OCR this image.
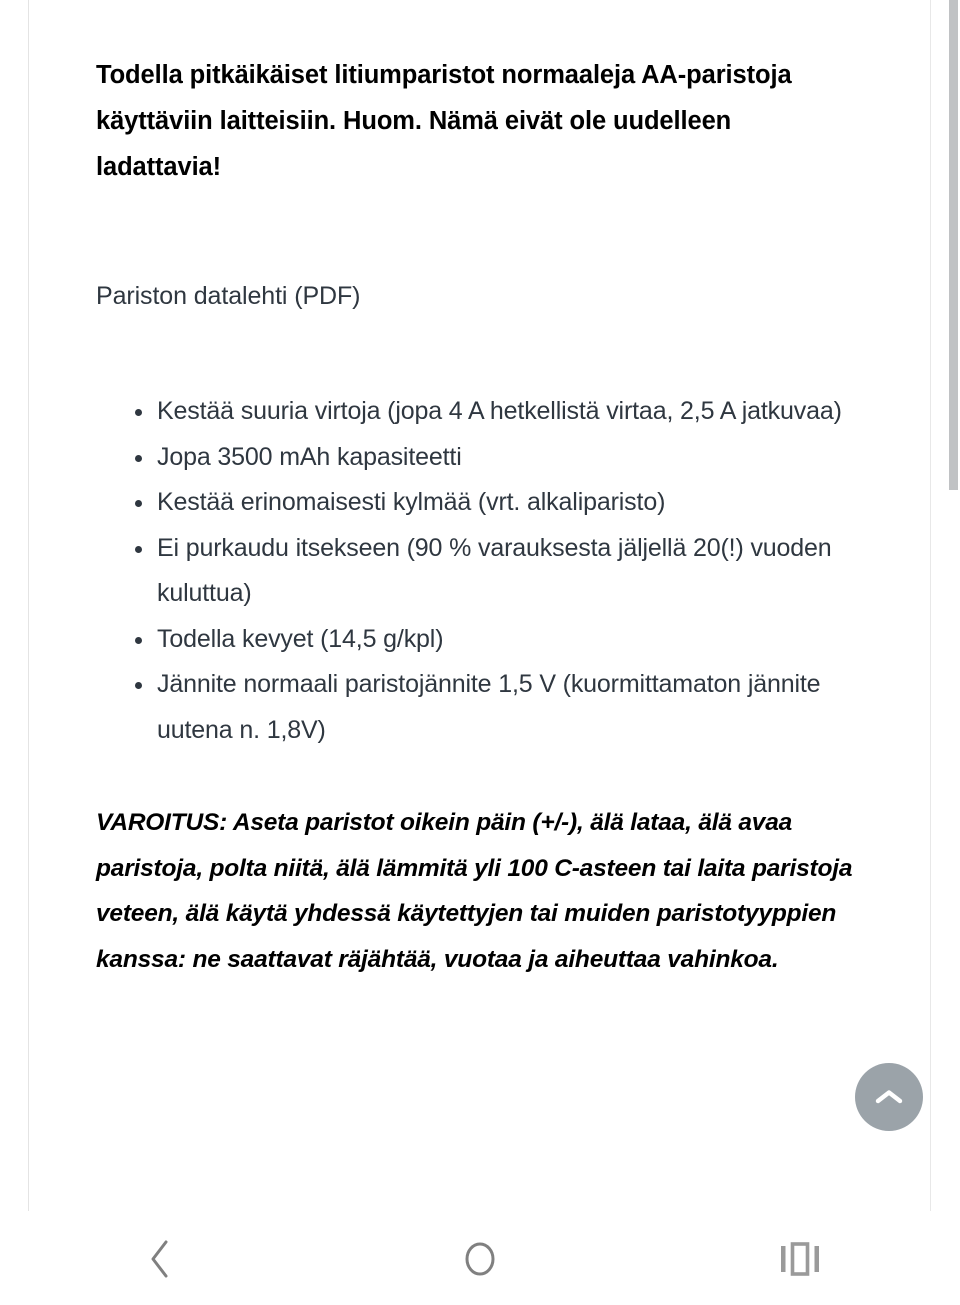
Todella pitkäikäiset litiumparistot normaaleja AA-paristoja käyttäviin laitteisiin. Huom. Nämä eivät ole uudelleen ladattavia!

Pariston datalehti (PDF)

Kestää suuria virtoja (jopa 4 A hetkellistä virtaa, 2,5 A jatkuvaa)
Jopa 3500 mAh kapasiteetti
Kestää erinomaisesti kylmää (vrt. alkaliparisto)
Ei purkaudu itsekseen (90 % varauksesta jäljellä 20(!) vuoden kuluttua)
Todella kevyet (14,5 g/kpl)
Jännite normaali paristojännite 1,5 V (kuormittamaton jännite uutena n. 1,8V)

VAROITUS: Aseta paristot oikein päin (+/-), älä lataa, älä avaa paristoja, polta niitä, älä lämmitä yli 100 C-asteen tai laita paristoja veteen, älä käytä yhdessä käytettyjen tai muiden paristotyyppien kanssa: ne saattavat räjähtää, vuotaa ja aiheuttaa vahinkoa.
